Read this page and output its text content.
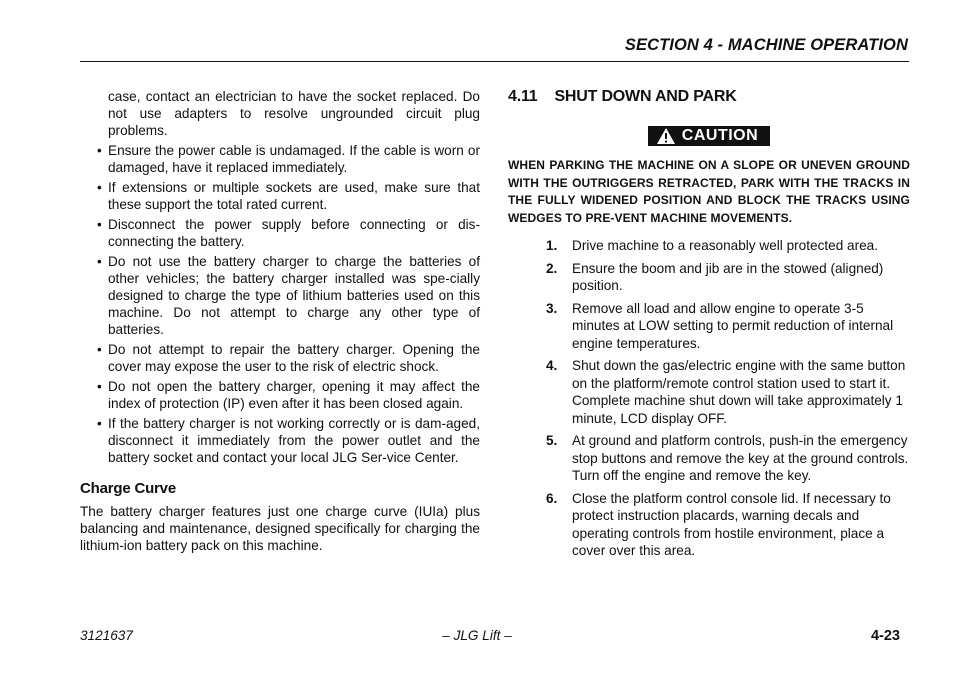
SECTION 4 - MACHINE OPERATION

case, contact an electrician to have the socket replaced. Do not use adapters to resolve ungrounded circuit plug problems.

• Ensure the power cable is undamaged. If the cable is worn or damaged, have it replaced immediately.
• If extensions or multiple sockets are used, make sure that these support the total rated current.
• Disconnect the power supply before connecting or dis-connecting the battery.
• Do not use the battery charger to charge the batteries of other vehicles; the battery charger installed was spe-cially designed to charge the type of lithium batteries used on this machine. Do not attempt to charge any other type of batteries.
• Do not attempt to repair the battery charger. Opening the cover may expose the user to the risk of electric shock.
• Do not open the battery charger, opening it may affect the index of protection (IP) even after it has been closed again.
• If the battery charger is not working correctly or is dam-aged, disconnect it immediately from the power outlet and the battery socket and contact your local JLG Ser-vice Center.
Charge Curve

The battery charger features just one charge curve (IUIa) plus balancing and maintenance, designed specifically for charging the lithium-ion battery pack on this machine.

4.11    SHUT DOWN AND PARK
CAUTION

WHEN PARKING THE MACHINE ON A SLOPE OR UNEVEN GROUND WITH THE OUTRIGGERS RETRACTED, PARK WITH THE TRACKS IN THE FULLY WIDENED POSITION AND BLOCK THE TRACKS USING WEDGES TO PRE-VENT MACHINE MOVEMENTS.

1. Drive machine to a reasonably well protected area.
2. Ensure the boom and jib are in the stowed (aligned) position.
3. Remove all load and allow engine to operate 3-5 minutes at LOW setting to permit reduction of internal engine temperatures.
4. Shut down the gas/electric engine with the same button on the platform/remote control station used to start it. Complete machine shut down will take approximately 1 minute, LCD display OFF.
5. At ground and platform controls, push-in the emergency stop buttons and remove the key at the ground controls. Turn off the engine and remove the key.
6. Close the platform control console lid. If necessary to protect instruction placards, warning decals and operating controls from hostile environment, place a cover over this area.
3121637	– JLG Lift –	4-23
